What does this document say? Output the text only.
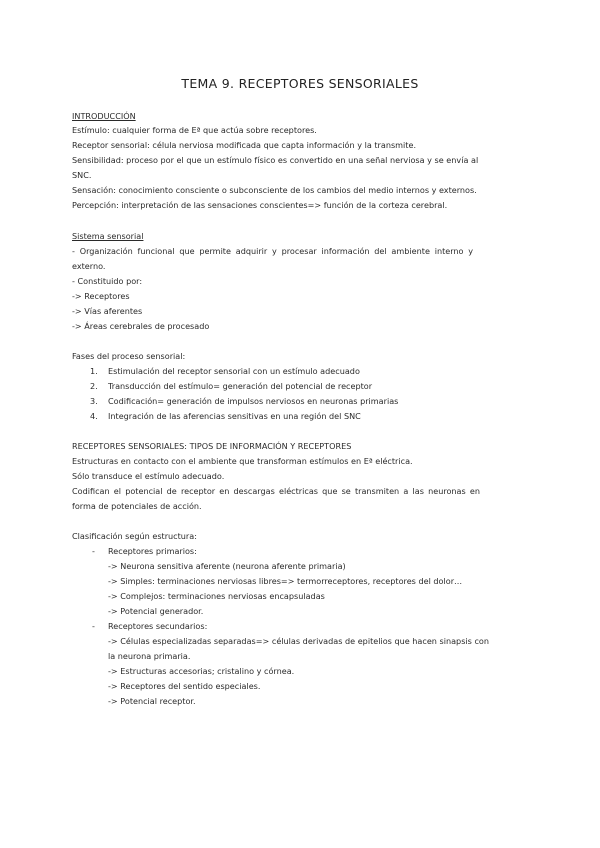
TEMA 9. RECEPTORES SENSORIALES
INTRODUCCIÓN
Estímulo: cualquier forma de Eª que actúa sobre receptores.
Receptor sensorial: célula nerviosa modificada que capta información y la transmite.
Sensibilidad: proceso por el que un estímulo físico es convertido en una señal nerviosa y se envía al
SNC.
Sensación: conocimiento consciente o subconsciente de los cambios del medio internos y externos.
Percepción: interpretación de las sensaciones conscientes=> función de la corteza cerebral.
Sistema sensorial
- Organización funcional que permite adquirir y procesar información del ambiente interno y
externo.
- Constituido por:
-> Receptores
-> Vías aferentes
-> Áreas cerebrales de procesado
Fases del proceso sensorial:
1. Estimulación del receptor sensorial con un estímulo adecuado
2. Transducción del estímulo= generación del potencial de receptor
3. Codificación= generación de impulsos nerviosos en neuronas primarias
4. Integración de las aferencias sensitivas en una región del SNC
RECEPTORES SENSORIALES: TIPOS DE INFORMACIÓN Y RECEPTORES
Estructuras en contacto con el ambiente que transforman estímulos en Eª eléctrica.
Sólo transduce el estímulo adecuado.
Codifican el potencial de receptor en descargas eléctricas que se transmiten a las neuronas en
forma de potenciales de acción.
Clasificación según estructura:
- Receptores primarios:
-> Neurona sensitiva aferente (neurona aferente primaria)
-> Simples: terminaciones nerviosas libres=> termorreceptores, receptores del dolor…
-> Complejos: terminaciones nerviosas encapsuladas
-> Potencial generador.
- Receptores secundarios:
-> Células especializadas separadas=> células derivadas de epitelios que hacen sinapsis con
la neurona primaria.
-> Estructuras accesorias; cristalino y córnea.
-> Receptores del sentido especiales.
-> Potencial receptor.
